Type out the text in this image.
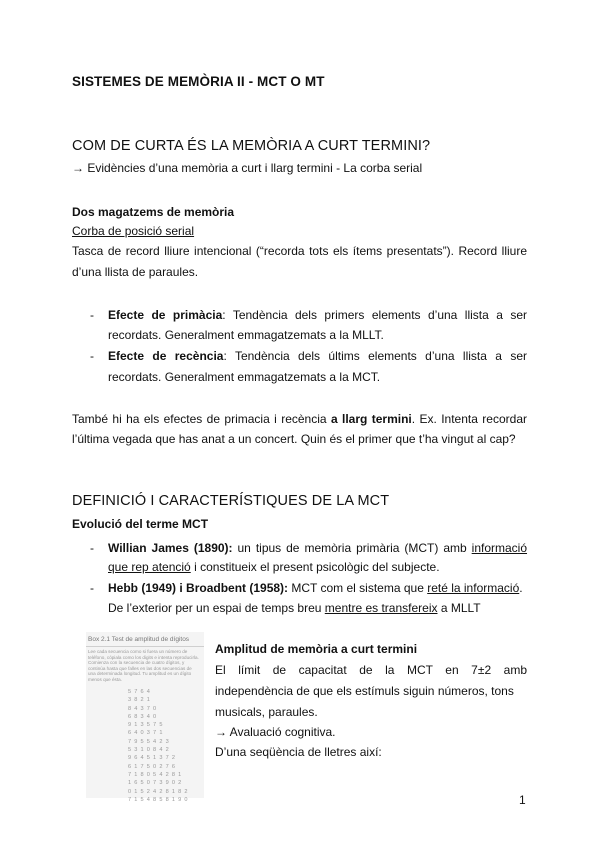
SISTEMES DE MEMÒRIA II - MCT O MT
COM DE CURTA ÉS LA MEMÒRIA A CURT TERMINI?
→ Evidències d’una memòria a curt i llarg termini - La corba serial
Dos magatzems de memòria
Corba de posició serial
Tasca de record lliure intencional (“recorda tots els ítems presentats”). Record lliure
d’una llista de paraules.
- Efecte de primàcia: Tendència dels primers elements d’una llista a ser
recordats. Generalment emmagatzemats a la MLLT.
- Efecte de recència: Tendència dels últims elements d’una llista a ser
recordats. Generalment emmagatzemats a la MCT.
També hi ha els efectes de primacia i recència a llarg termini. Ex. Intenta recordar
l’última vegada que has anat a un concert. Quin és el primer que t’ha vingut al cap?
DEFINICIÓ I CARACTERÍSTIQUES DE LA MCT
Evolució del terme MCT
- Willian James (1890): un tipus de memòria primària (MCT) amb informació
que rep atenció i constitueix el present psicològic del subjecte.
- Hebb (1949) i Broadbent (1958): MCT com el sistema que reté la informació.
De l’exterior per un espai de temps breu mentre es transfereix a MLLT
Box 2.1 Test de amplitud de dígitos
Lee cada secuencia como si fuera un número de teléfono, cópiala como los digits e intenta reproducirla. Comienza con la secuencia de cuatro dígitos, y continúa hasta que falles en las dos secuencias de una determinada longitud. Tu amplitud es un dígito menos que ésta.
5 7 6 4
3 8 2 1
8 4 3 7 0
6 8 3 4 0
9 1 3 5 7 5
6 4 0 3 7 1
7 9 5 5 4 2 3
5 3 1 0 8 4 2
9 6 4 5 1 3 7 2
6 1 7 5 0 2 7 6
7 1 8 0 5 4 2 8 1
1 6 5 0 7 3 9 0 2
0 1 5 2 4 2 8 1 8 2
7 1 5 4 8 5 8 1 9 0
Amplitud de memòria a curt termini
El límit de capacitat de la MCT en 7±2 amb
independència de que els estímuls siguin números, tons
musicals, paraules.
→ Avaluació cognitiva.
D’una seqüència de lletres així:
1
